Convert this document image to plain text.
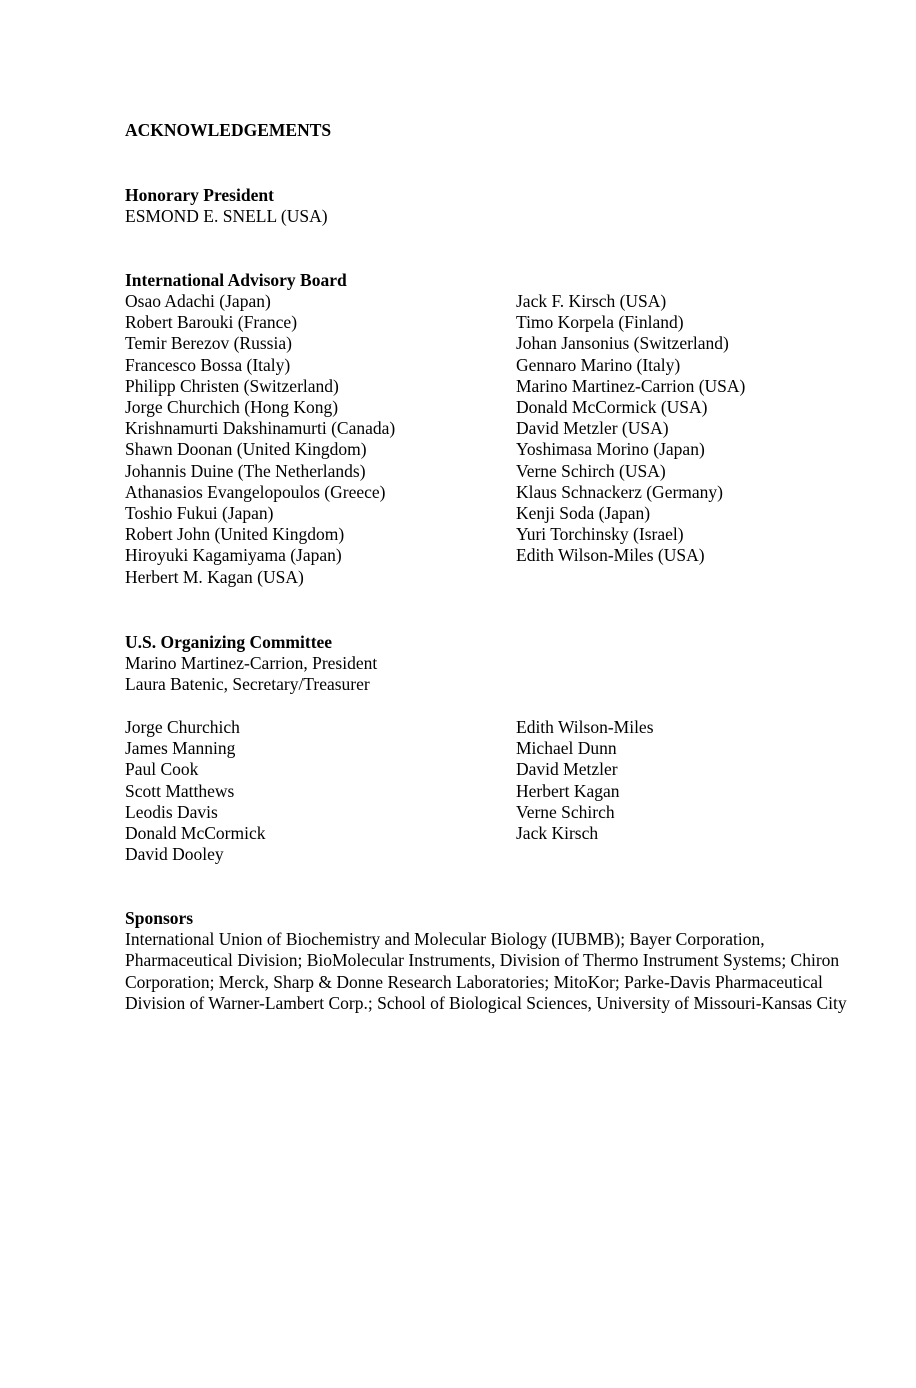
ACKNOWLEDGEMENTS

Honorary President

ESMOND E. SNELL (USA)

International Advisory Board

Osao Adachi (Japan)
Robert Barouki (France)
Temir Berezov (Russia)
Francesco Bossa (Italy)
Philipp Christen (Switzerland)
Jorge Churchich (Hong Kong)
Krishnamurti Dakshinamurti (Canada)
Shawn Doonan (United Kingdom)
Johannis Duine (The Netherlands)
Athanasios Evangelopoulos (Greece)
Toshio Fukui (Japan)
Robert John (United Kingdom)
Hiroyuki Kagamiyama (Japan)
Herbert M. Kagan (USA)
Jack F. Kirsch (USA)
Timo Korpela (Finland)
Johan Jansonius (Switzerland)
Gennaro Marino (Italy)
Marino Martinez-Carrion (USA)
Donald McCormick (USA)
David Metzler (USA)
Yoshimasa Morino (Japan)
Verne Schirch (USA)
Klaus Schnackerz (Germany)
Kenji Soda (Japan)
Yuri Torchinsky (Israel)
Edith Wilson-Miles (USA)

U.S. Organizing Committee

Marino Martinez-Carrion, President

Laura Batenic, Secretary/Treasurer

Jorge Churchich
James Manning
Paul Cook
Scott Matthews
Leodis Davis
Donald McCormick
David Dooley
Edith Wilson-Miles
Michael Dunn
David Metzler
Herbert Kagan
Verne Schirch
Jack Kirsch

Sponsors

International Union of Biochemistry and Molecular Biology (IUBMB); Bayer Corporation, Pharmaceutical Division; BioMolecular Instruments, Division of Thermo Instrument Systems; Chiron Corporation; Merck, Sharp & Donne Research Laboratories; MitoKor; Parke-Davis Pharmaceutical Division of Warner-Lambert Corp.; School of Biological Sciences, University of Missouri-Kansas City
